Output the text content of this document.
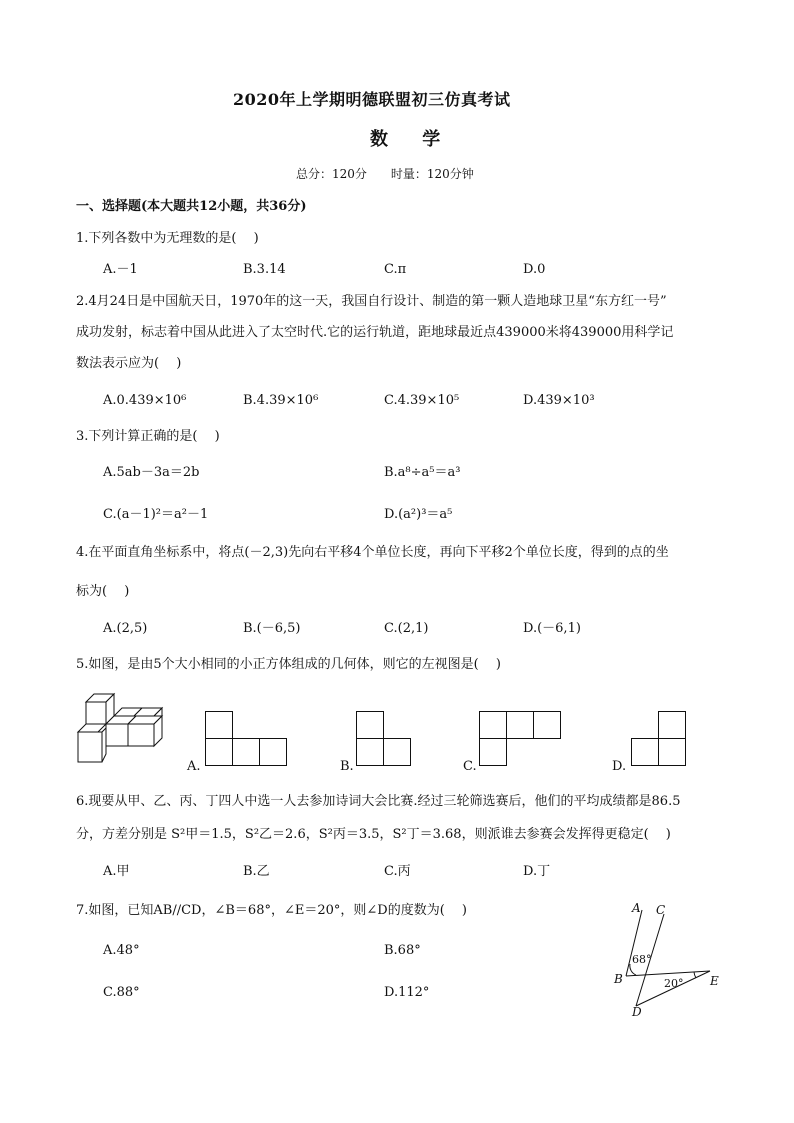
2020年上学期明德联盟初三仿真考试
数 学
总分：120分　　时量：120分钟
一、选择题(本大题共12小题，共36分)
1.下列各数中为无理数的是(　 )
A.－1	B.3.14	C.π	D.0
2.4月24日是中国航天日，1970年的这一天，我国自行设计、制造的第一颗人造地球卫星“东方红一号”
成功发射，标志着中国从此进入了太空时代.它的运行轨道，距地球最近点439000米将439000用科学记
数法表示应为(　 )
A.0.439×10⁶	B.4.39×10⁶	C.4.39×10⁵	D.439×10³
3.下列计算正确的是(　 )
A.5ab－3a＝2b	B.a⁸÷a⁵＝a³
C.(a－1)²＝a²－1	D.(a²)³＝a⁵
4.在平面直角坐标系中，将点(－2,3)先向右平移4个单位长度，再向下平移2个单位长度，得到的点的坐
标为(　 )
A.(2,5)	B.(－6,5)	C.(2,1)	D.(－6,1)
5.如图，是由5个大小相同的小正方体组成的几何体，则它的左视图是(　 )
A.	B.	C.	D.
6.现要从甲、乙、丙、丁四人中选一人去参加诗词大会比赛.经过三轮筛选赛后，他们的平均成绩都是86.5
分，方差分别是 S²甲＝1.5，S²乙＝2.6，S²丙＝3.5，S²丁＝3.68，则派谁去参赛会发挥得更稳定(　 )
A.甲	B.乙	C.丙	D.丁
7.如图，已知AB//CD，∠B＝68°，∠E＝20°，则∠D的度数为(　 )
A.48°	B.68°
C.88°	D.112°
A C
B	E
D
68°
20°
